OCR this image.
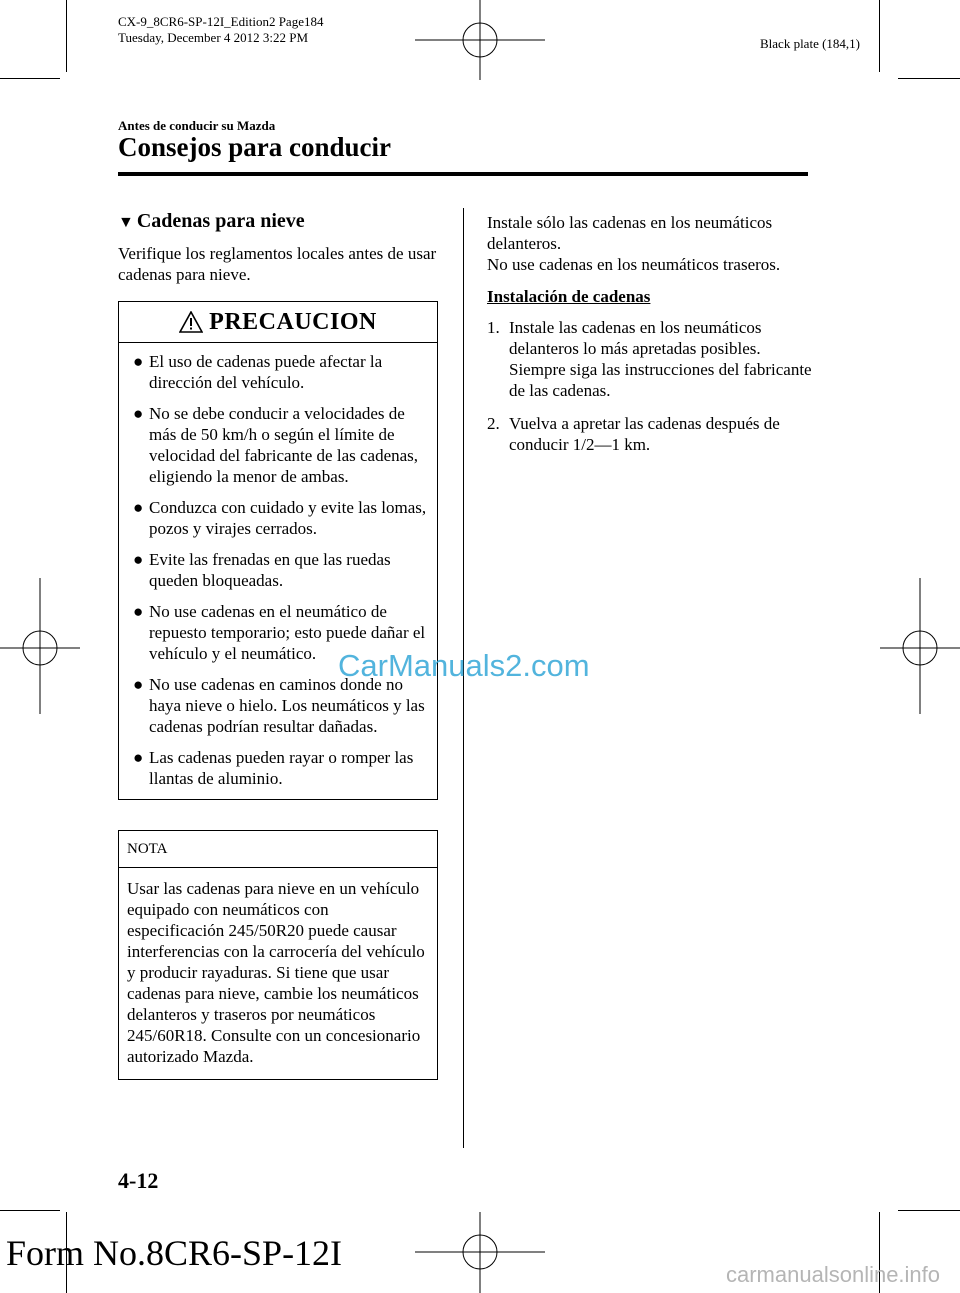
CX-9_8CR6-SP-12I_Edition2 Page184
Tuesday, December 4 2012 3:22 PM	Black plate (184,1)
Antes de conducir su Mazda
Consejos para conducir
▼ Cadenas para nieve

Verifique los reglamentos locales antes de usar cadenas para nieve.

PRECAUCION
● El uso de cadenas puede afectar la dirección del vehículo.
● No se debe conducir a velocidades de más de 50 km/h o según el límite de velocidad del fabricante de las cadenas, eligiendo la menor de ambas.
● Conduzca con cuidado y evite las lomas, pozos y virajes cerrados.
● Evite las frenadas en que las ruedas queden bloqueadas.
● No use cadenas en el neumático de repuesto temporario; esto puede dañar el vehículo y el neumático.
● No use cadenas en caminos donde no haya nieve o hielo. Los neumáticos y las cadenas podrían resultar dañadas.
● Las cadenas pueden rayar o romper las llantas de aluminio.
NOTA
Usar las cadenas para nieve en un vehículo equipado con neumáticos con especificación 245/50R20 puede causar interferencias con la carrocería del vehículo y producir rayaduras. Si tiene que usar cadenas para nieve, cambie los neumáticos delanteros y traseros por neumáticos 245/60R18. Consulte con un concesionario autorizado Mazda.

Instale sólo las cadenas en los neumáticos delanteros.

No use cadenas en los neumáticos traseros.

Instalación de cadenas
1. Instale las cadenas en los neumáticos delanteros lo más apretadas posibles. Siempre siga las instrucciones del fabricante de las cadenas.
2. Vuelva a apretar las cadenas después de conducir 1/2―1 km.
4-12
Form No.8CR6-SP-12I
CarManuals2.com
carmanualsonline.info
